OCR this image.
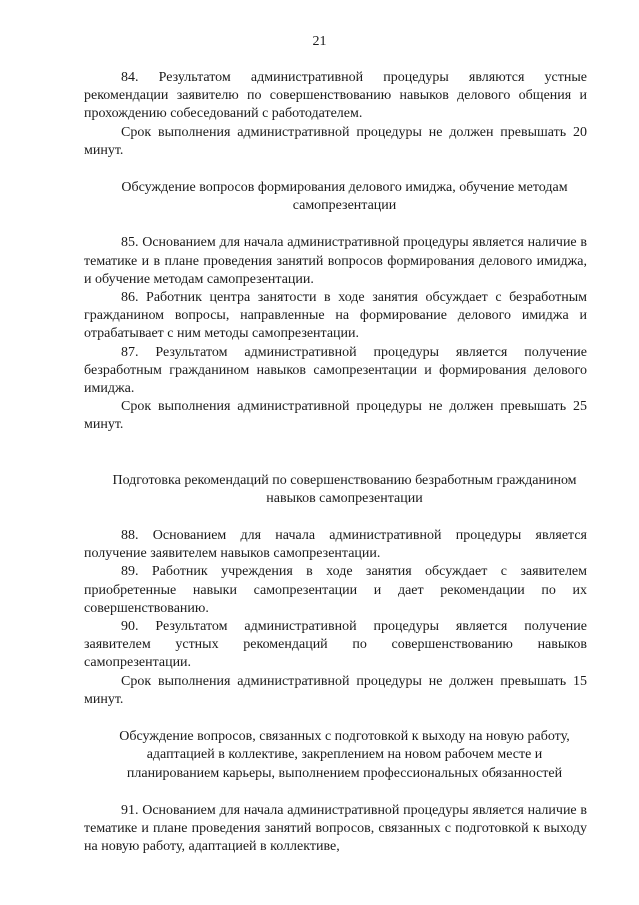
21

84. Результатом административной процедуры являются устные рекомендации заявителю по совершенствованию навыков делового общения и прохождению собеседований с работодателем.

Срок выполнения административной процедуры не должен превышать 20 минут.

Обсуждение вопросов формирования делового имиджа, обучение методам самопрезентации

85. Основанием для начала административной процедуры является наличие в тематике и в плане проведения занятий вопросов формирования делового имиджа, и обучение методам самопрезентации.

86. Работник центра занятости в ходе занятия обсуждает с безработным гражданином вопросы, направленные на формирование делового имиджа и отрабатывает с ним методы самопрезентации.

87. Результатом административной процедуры является получение безработным гражданином навыков самопрезентации и формирования делового имиджа.

Срок выполнения административной процедуры не должен превышать 25 минут.

Подготовка рекомендаций по совершенствованию безработным гражданином навыков самопрезентации

88. Основанием для начала административной процедуры является получение заявителем навыков самопрезентации.

89. Работник учреждения в ходе занятия обсуждает с заявителем приобретенные навыки самопрезентации и дает рекомендации по их совершенствованию.

90. Результатом административной процедуры является получение заявителем устных рекомендаций по совершенствованию навыков самопрезентации.

Срок выполнения административной процедуры не должен превышать 15 минут.

Обсуждение вопросов, связанных с подготовкой к выходу на новую работу, адаптацией в коллективе, закреплением на новом рабочем месте и планированием карьеры, выполнением профессиональных обязанностей

91. Основанием для начала административной процедуры является наличие в тематике и плане проведения занятий вопросов, связанных с подготовкой к выходу на новую работу, адаптацией в коллективе,
